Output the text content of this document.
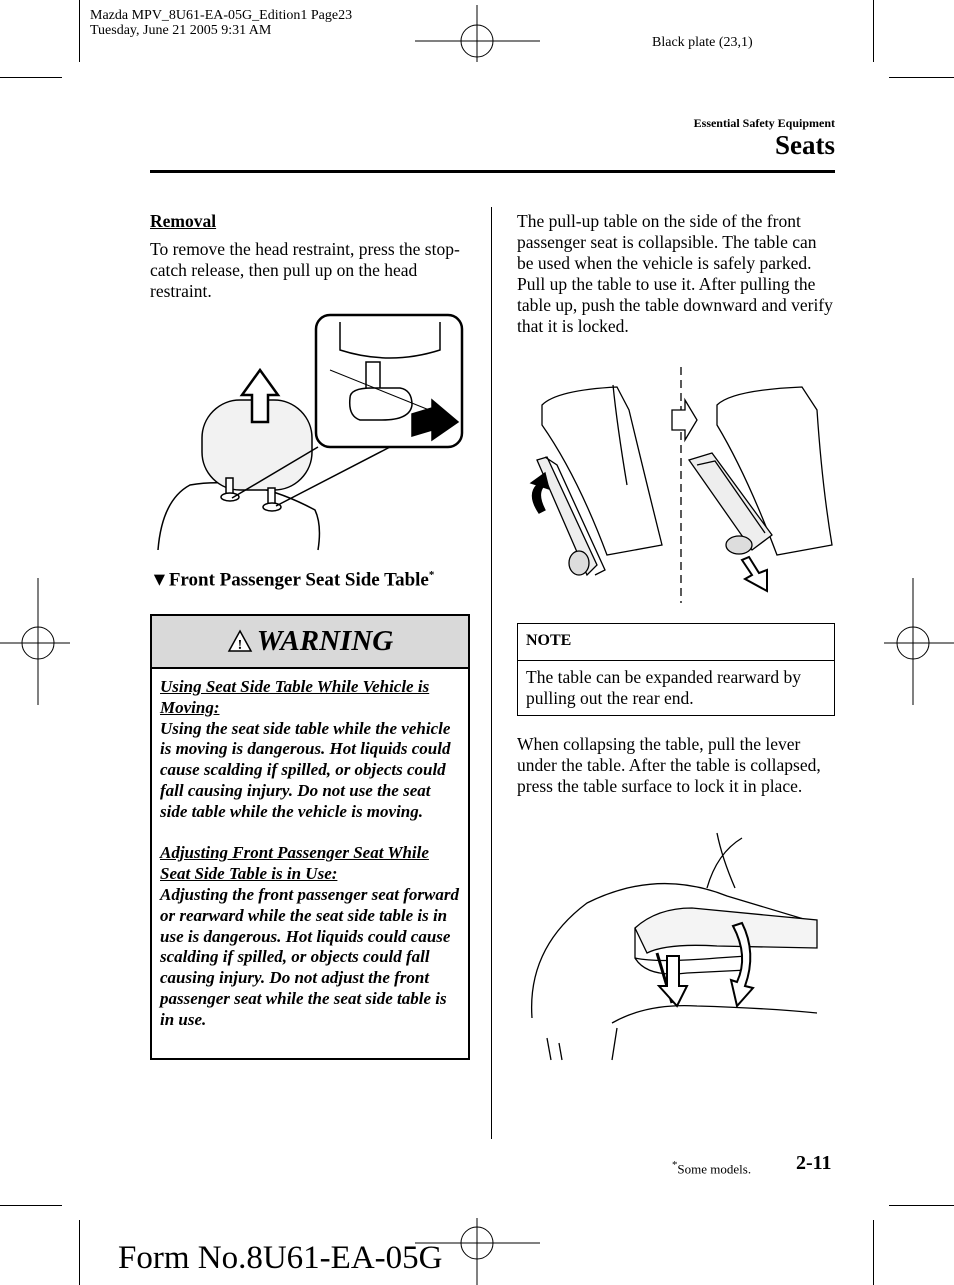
Mazda MPV_8U61-EA-05G_Edition1 Page23
Tuesday, June 21 2005 9:31 AM
Black plate (23,1)
Essential Safety Equipment
Seats
Removal
To remove the head restraint, press the stop-catch release, then pull up on the head restraint.
▼Front Passenger Seat Side Table*
! WARNING
Using Seat Side Table While Vehicle is Moving:
Using the seat side table while the vehicle is moving is dangerous. Hot liquids could cause scalding if spilled, or objects could fall causing injury. Do not use the seat side table while the vehicle is moving.
Adjusting Front Passenger Seat While Seat Side Table is in Use:
Adjusting the front passenger seat forward or rearward while the seat side table is in use is dangerous. Hot liquids could cause scalding if spilled, or objects could fall causing injury. Do not adjust the front passenger seat while the seat side table is in use.
The pull-up table on the side of the front passenger seat is collapsible. The table can be used when the vehicle is safely parked.
Pull up the table to use it. After pulling the table up, push the table downward and verify that it is locked.
NOTE
The table can be expanded rearward by pulling out the rear end.
When collapsing the table, pull the lever under the table. After the table is collapsed, press the table surface to lock it in place.
*Some models. 2-11
Form No.8U61-EA-05G
